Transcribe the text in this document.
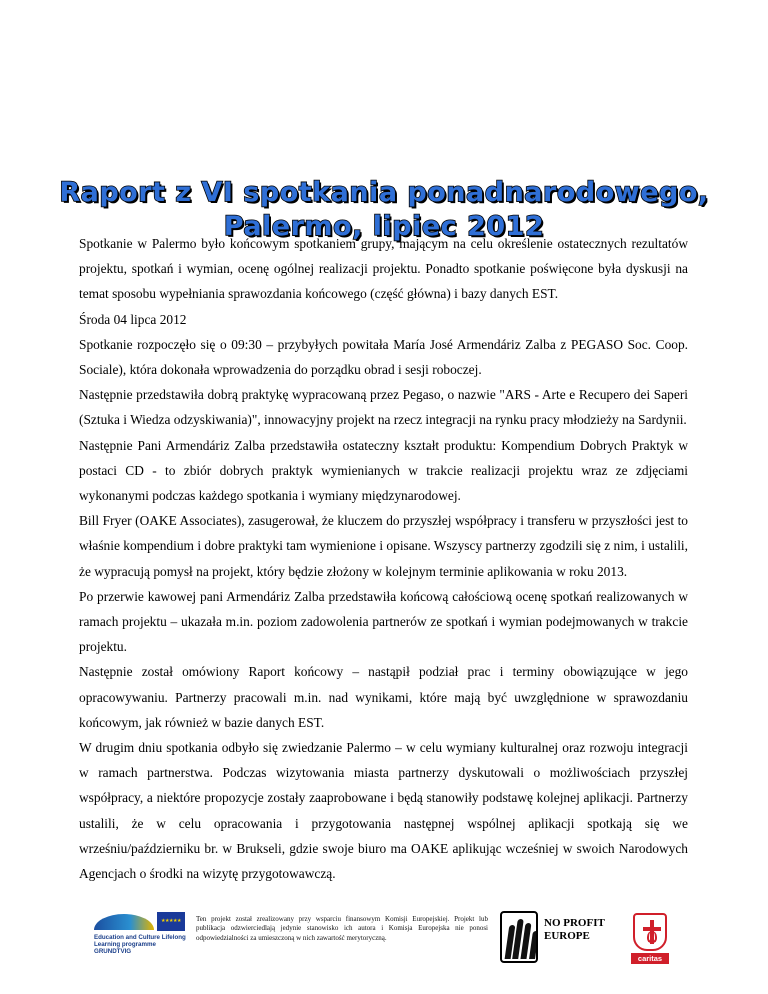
Raport z VI spotkania ponadnarodowego,
Palermo, lipiec 2012

Spotkanie w Palermo było końcowym spotkaniem grupy, mającym na celu określenie ostatecznych rezultatów projektu, spotkań i wymian, ocenę ogólnej realizacji projektu. Ponadto spotkanie poświęcone była dyskusji na temat sposobu wypełniania sprawozdania końcowego (część główna) i bazy danych EST.

Środa 04 lipca 2012

Spotkanie rozpoczęło się o 09:30 – przybyłych powitała María José Armendáriz Zalba z PEGASO Soc. Coop. Sociale), która dokonała wprowadzenia do porządku obrad i sesji roboczej.

Następnie przedstawiła dobrą praktykę wypracowaną przez Pegaso, o nazwie "ARS - Arte e Recupero dei Saperi (Sztuka i Wiedza odzyskiwania)", innowacyjny projekt na rzecz integracji na rynku pracy młodzieży na Sardynii.

Następnie Pani Armendáriz Zalba przedstawiła ostateczny kształt produktu: Kompendium Dobrych Praktyk w postaci CD - to zbiór dobrych praktyk wymienianych w trakcie realizacji projektu wraz ze zdjęciami wykonanymi podczas każdego spotkania i wymiany międzynarodowej.

Bill Fryer (OAKE Associates), zasugerował, że kluczem do przyszłej współpracy i transferu w przyszłości jest to właśnie kompendium i dobre praktyki tam wymienione i opisane. Wszyscy partnerzy zgodzili się z nim, i ustalili, że wypracują pomysł na projekt, który będzie złożony w kolejnym terminie aplikowania w roku 2013.

Po przerwie kawowej pani Armendáriz Zalba przedstawiła końcową całościową ocenę spotkań realizowanych w ramach projektu – ukazała m.in. poziom zadowolenia partnerów ze spotkań i wymian podejmowanych w trakcie projektu.

Następnie został omówiony Raport końcowy – nastąpił podział prac i terminy obowiązujące w jego opracowywaniu. Partnerzy pracowali m.in. nad wynikami, które mają być uwzględnione w sprawozdaniu końcowym, jak również w bazie danych EST.

W drugim dniu spotkania odbyło się zwiedzanie Palermo – w celu wymiany kulturalnej oraz rozwoju integracji w ramach partnerstwa. Podczas wizytowania miasta partnerzy dyskutowali o możliwościach przyszłej współpracy, a niektóre propozycje zostały zaaprobowane i będą stanowiły podstawę kolejnej aplikacji. Partnerzy ustalili, że w celu opracowania i przygotowania następnej wspólnej aplikacji spotkają się we wrześniu/październiku br. w Brukseli, gdzie swoje biuro ma OAKE aplikując wcześniej w swoich Narodowych Agencjach o środki na wizytę przygotowawczą.

★★★★★
Education and Culture Lifelong Learning programme GRUNDTVIG
Ten projekt został zrealizowany przy wsparciu finansowym Komisji Europejskiej. Projekt lub publikacja odzwierciedlają jedynie stanowisko ich autora i Komisja Europejska nie ponosi odpowiedzialności za umieszczoną w nich zawartość merytoryczną.
NO PROFIT EUROPE
caritas
